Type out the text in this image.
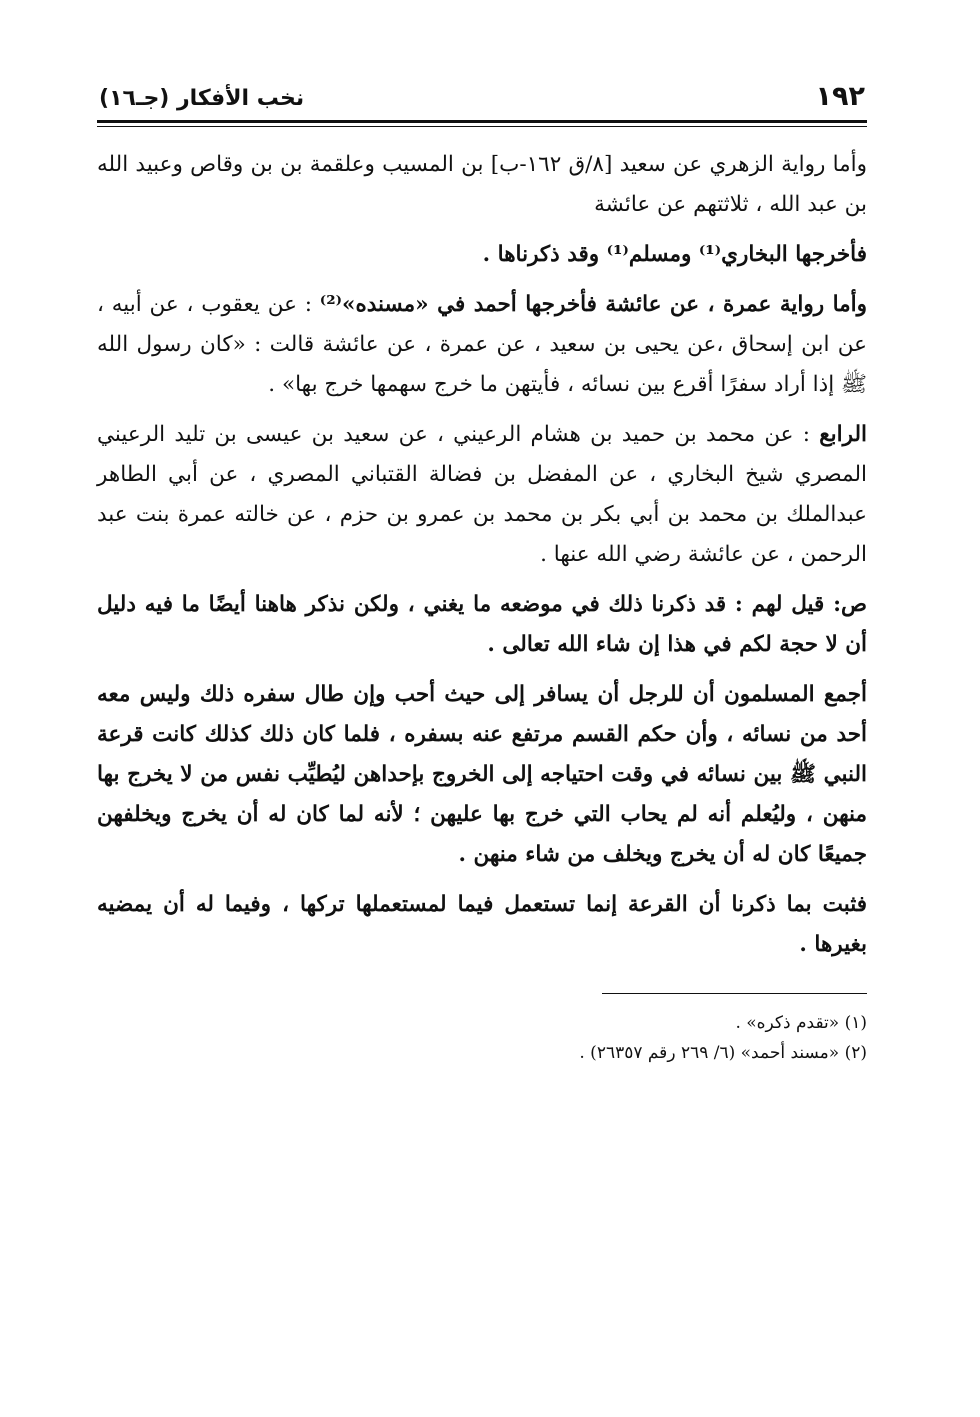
١٩٢
نخب الأفكار (جـ١٦)

وأما رواية الزهري عن سعيد [٨/ق ١٦٢-ب] بن المسيب وعلقمة بن بن وقاص وعبيد الله بن عبد الله ، ثلاثتهم عن عائشة

فأخرجها البخاري⁽¹⁾ ومسلم⁽¹⁾ وقد ذكرناها .

وأما رواية عمرة ، عن عائشة فأخرجها أحمد في «مسنده»⁽²⁾ : عن يعقوب ، عن أبيه ، عن ابن إسحاق ،عن يحيى بن سعيد ، عن عمرة ، عن عائشة قالت : «كان رسول الله ﷺ إذا أراد سفرًا أقرع بين نسائه ، فأيتهن ما خرج سهمها خرج بها» .

الرابع : عن محمد بن حميد بن هشام الرعيني ، عن سعيد بن عيسى بن تليد الرعيني المصري شيخ البخاري ، عن المفضل بن فضالة القتباني المصري ، عن أبي الطاهر عبدالملك بن محمد بن أبي بكر بن محمد بن عمرو بن حزم ، عن خالته عمرة بنت عبد الرحمن ، عن عائشة رضي الله عنها .

ص: قيل لهم : قد ذكرنا ذلك في موضعه ما يغني ، ولكن نذكر هاهنا أيضًا ما فيه دليل أن لا حجة لكم في هذا إن شاء الله تعالى .

أجمع المسلمون أن للرجل أن يسافر إلى حيث أحب وإن طال سفره ذلك وليس معه أحد من نسائه ، وأن حكم القسم مرتفع عنه بسفره ، فلما كان ذلك كذلك كانت قرعة النبي ﷺ بين نسائه في وقت احتياجه إلى الخروج بإحداهن ليُطيِّب نفس من لا يخرج بها منهن ، وليُعلم أنه لم يحاب التي خرج بها عليهن ؛ لأنه لما كان له أن يخرج ويخلفهن جميعًا كان له أن يخرج ويخلف من شاء منهن .

فثبت بما ذكرنا أن القرعة إنما تستعمل فيما لمستعملها تركها ، وفيما له أن يمضيه بغيرها .

(١) «تقدم ذكره» .

(٢) «مسند أحمد» (٦/ ٢٦٩ رقم ٢٦٣٥٧) .
